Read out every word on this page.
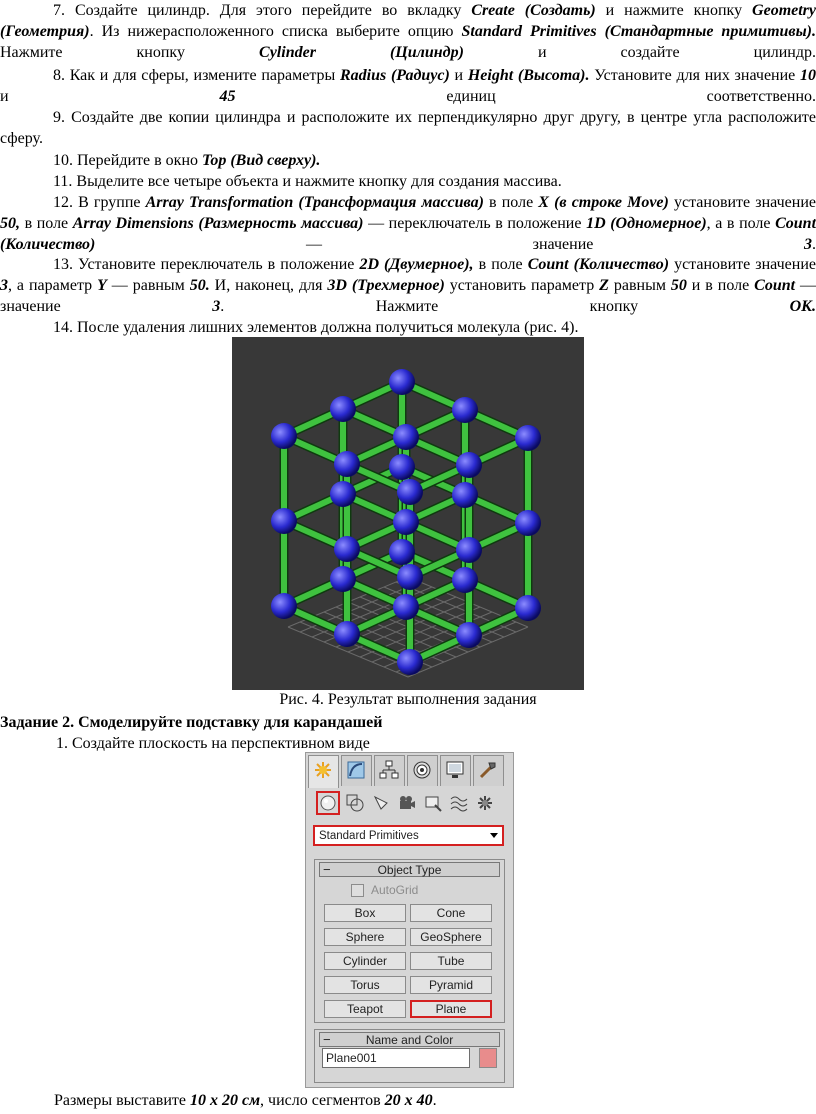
7. Создайте цилиндр. Для этого перейдите во вкладку Create (Создать) и нажмите кнопку Geometry (Геометрия). Из нижерасположенного списка выберите опцию Standard Primitives (Стандартные примитивы). Нажмите кнопку Cylinder (Цилиндр) и создайте цилиндр.
8. Как и для сферы, измените параметры Radius (Радиус) и Height (Высота). Установите для них значение 10 и 45 единиц соответственно.
9. Создайте две копии цилиндра и расположите их перпендикулярно друг другу, в центре угла расположите сферу.
10. Перейдите в окно Top (Вид сверху).
11. Выделите все четыре объекта и нажмите кнопку для создания массива.
12. В группе Array Transformation (Трансформация массива) в поле X (в строке Move) установите значение 50, в поле Array Dimensions (Размерность массива) — переключатель в положение 1D (Одномерное), а в поле Count (Количество) — значение 3.
13. Установите переключатель в положение 2D (Двумерное), в поле Count (Количество) установите значение 3, а параметр Y — равным 50. И, наконец, для 3D (Трехмерное) установить параметр Z равным 50 и в поле Count — значение 3. Нажмите кнопку ОК.
14. После удаления лишних элементов должна получиться молекула (рис. 4).
Рис. 4. Результат выполнения задания
Задание 2. Смоделируйте подставку для карандашей
1. Создайте плоскость на перспективном виде
Standard Primitives
−	Object Type
AutoGrid
Box	Cone
Sphere	GeoSphere
Cylinder	Tube
Torus	Pyramid
Teapot	Plane
−	Name and Color
Plane001
Размеры выставите 10 x 20 см, число сегментов 20 x 40.
